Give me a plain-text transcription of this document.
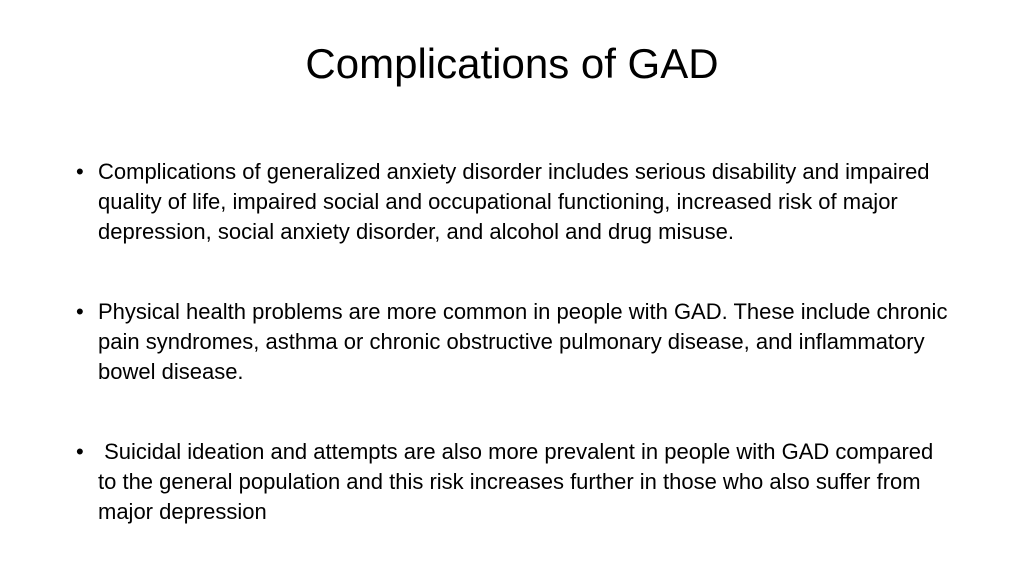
Complications of GAD
• Complications of generalized anxiety disorder includes serious disability and impaired quality of life, impaired social and occupational functioning, increased risk of major depression, social anxiety disorder, and alcohol and drug misuse.
• Physical health problems are more common in people with GAD. These include chronic pain syndromes, asthma or chronic obstructive pulmonary disease, and inflammatory bowel disease.
• Suicidal ideation and attempts are also more prevalent in people with GAD compared to the general population and this risk increases further in those who also suffer from major depression
